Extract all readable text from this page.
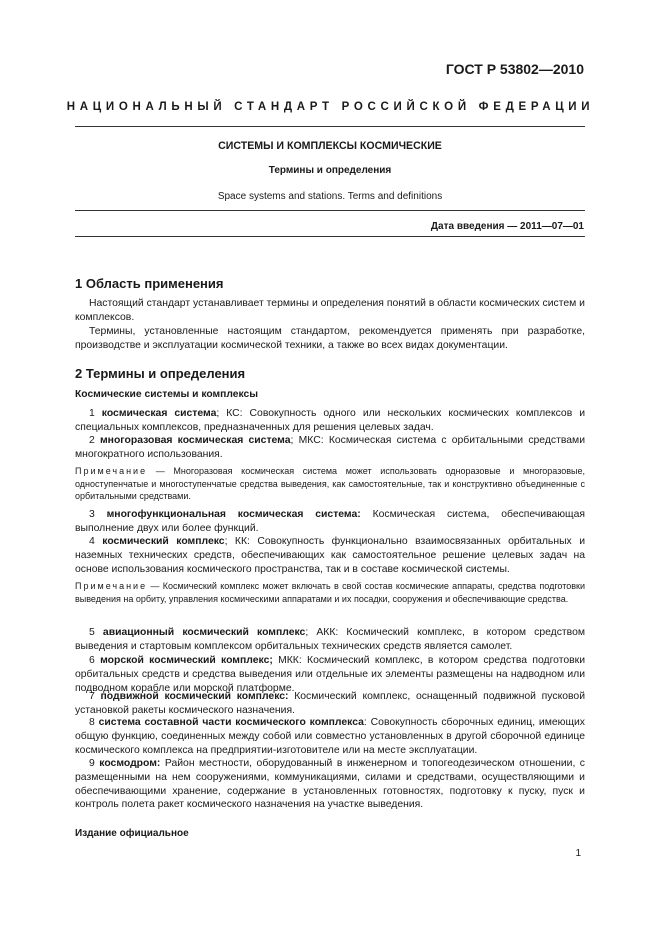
ГОСТ Р 53802—2010
НАЦИОНАЛЬНЫЙ СТАНДАРТ РОССИЙСКОЙ ФЕДЕРАЦИИ
СИСТЕМЫ И КОМПЛЕКСЫ КОСМИЧЕСКИЕ
Термины и определения
Space systems and stations. Terms and definitions
Дата введения — 2011—07—01
1 Область применения
Настоящий стандарт устанавливает термины и определения понятий в области космических систем и комплексов.
Термины, установленные настоящим стандартом, рекомендуется применять при разработке, производстве и эксплуатации космической техники, а также во всех видах документации.
2 Термины и определения
Космические системы и комплексы
1 космическая система; КС: Совокупность одного или нескольких космических комплексов и специальных комплексов, предназначенных для решения целевых задач.
2 многоразовая космическая система; МКС: Космическая система с орбитальными средствами многократного использования.
Примечание — Многоразовая космическая система может использовать одноразовые и многоразовые, одноступенчатые и многоступенчатые средства выведения, как самостоятельные, так и конструктивно объединенные с орбитальными средствами.
3 многофункциональная космическая система: Космическая система, обеспечивающая выполнение двух или более функций.
4 космический комплекс; КК: Совокупность функционально взаимосвязанных орбитальных и наземных технических средств, обеспечивающих как самостоятельное решение целевых задач на основе использования космического пространства, так и в составе космической системы.
Примечание — Космический комплекс может включать в свой состав космические аппараты, средства подготовки выведения на орбиту, управления космическими аппаратами и их посадки, сооружения и обеспечивающие средства.
5 авиационный космический комплекс; АКК: Космический комплекс, в котором средством выведения и стартовым комплексом орбитальных технических средств является самолет.
6 морской космический комплекс; МКК: Космический комплекс, в котором средства подготовки орбитальных средств и средства выведения или отдельные их элементы размещены на надводном или подводном корабле или морской платформе.
7 подвижной космический комплекс: Космический комплекс, оснащенный подвижной пусковой установкой ракеты космического назначения.
8 система составной части космического комплекса: Совокупность сборочных единиц, имеющих общую функцию, соединенных между собой или совместно установленных в другой сборочной единице космического комплекса на предприятии-изготовителе или на месте эксплуатации.
9 космодром: Район местности, оборудованный в инженерном и топогеодезическом отношении, с размещенными на нем сооружениями, коммуникациями, силами и средствами, осуществляющими и обеспечивающими хранение, содержание в установленных готовностях, подготовку к пуску, пуск и контроль полета ракет космического назначения на участке выведения.
Издание официальное
1
